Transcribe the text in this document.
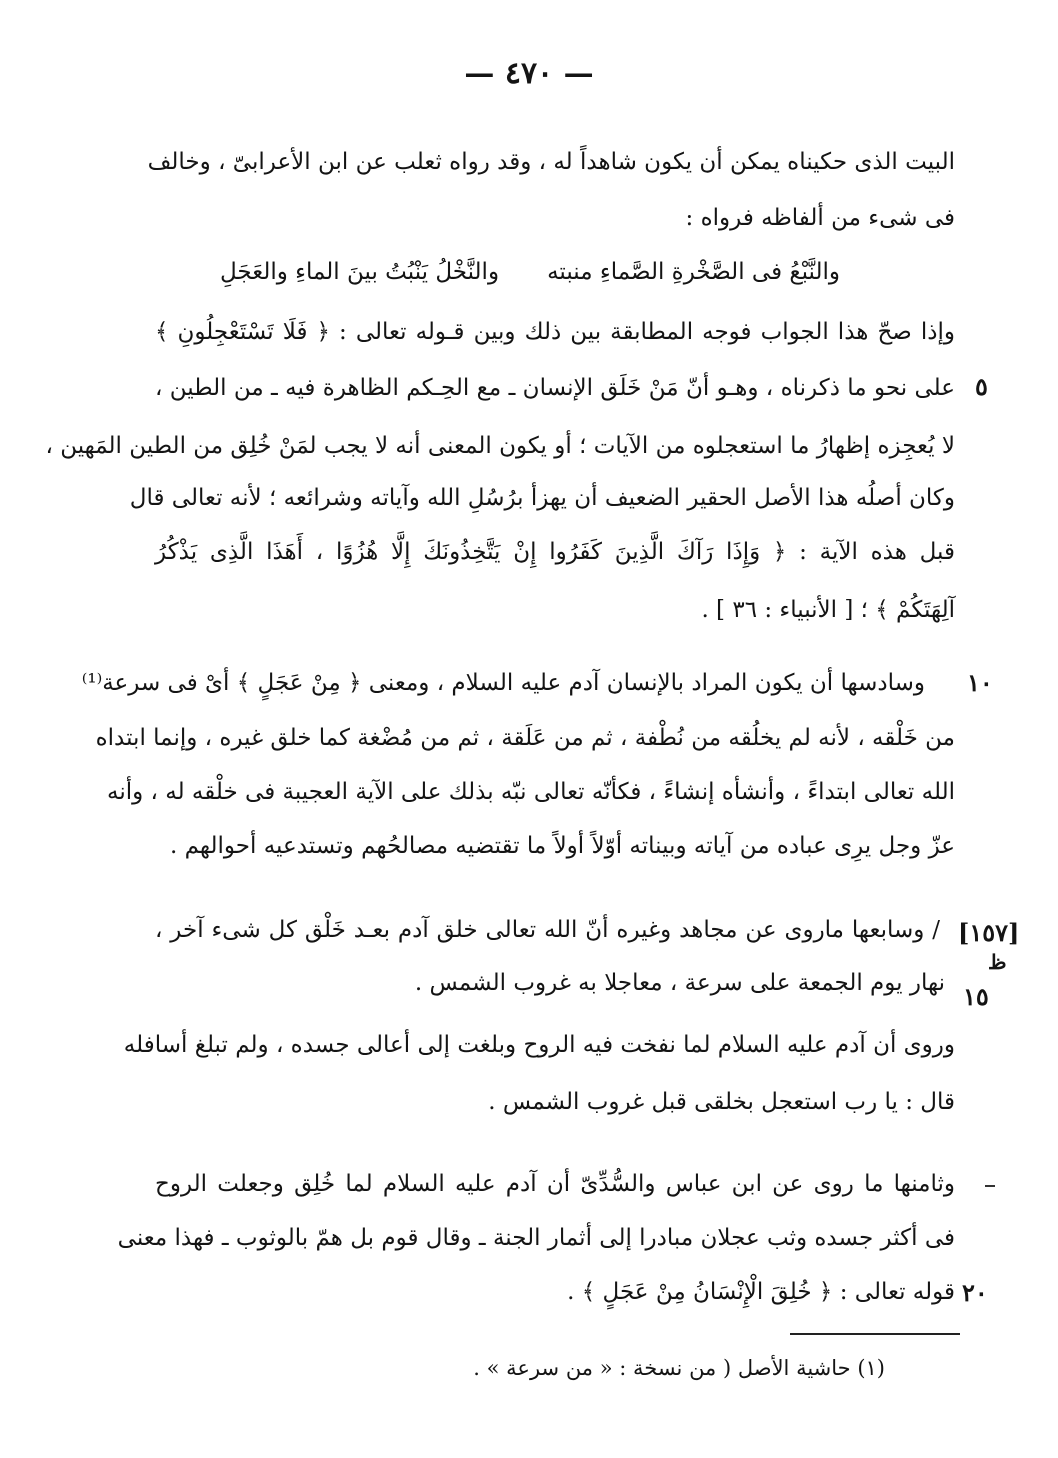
— ٤٧٠ —
البيت الذى حكيناه يمكن أن يكون شاهداً له ، وقد رواه ثعلب عن ابن الأعرابىّ ، وخالف
فى شىء من ألفاظه فرواه :
والنَّبْعُ فى الصَّخْرةِ الصَّماءِ منبته
والنَّخْلُ يَنْبُتُ بينَ الماءِ والعَجَلِ
وإذا صحّ هذا الجواب فوجه المطابقة بين ذلك وبين قـوله تعالى : ﴿ فَلَا تَسْتَعْجِلُونِ ﴾
على نحو ما ذكرناه ، وهـو أنّ مَنْ خَلَق الإنسان ـ مع الحِـكم الظاهرة فيه ـ من الطين ،
لا يُعجِزه إظهارُ ما استعجلوه من الآيات ؛ أو يكون المعنى أنه لا يجب لمَنْ خُلِق من الطين المَهين ،
وكان أصلُه هذا الأصل الحقير الضعيف أن يهزأ برُسُلِ الله وآياته وشرائعه ؛ لأنه تعالى قال
قبل هذه الآية : ﴿ وَإِذَا رَآكَ الَّذِينَ كَفَرُوا إِنْ يَتَّخِذُونَكَ إِلَّا هُزُوًا ، أَهَذَا الَّذِى يَذْكُرُ
آلِهَتَكُمْ ﴾ ؛ [ الأنبياء : ٣٦ ] .
وسادسها أن يكون المراد بالإنسان آدم عليه السلام ، ومعنى ﴿ مِنْ عَجَلٍ ﴾ أىْ فى سرعة⁽¹⁾
من خَلْقه ، لأنه لم يخلُقه من نُطْفة ، ثم من عَلَقة ، ثم من مُضْغة كما خلق غيره ، وإنما ابتداه
الله تعالى ابتداءً ، وأنشأه إنشاءً ، فكأنّه تعالى نبّه بذلك على الآية العجيبة فى خلْقه له ، وأنه
عزّ وجل يرِى عباده من آياته وبيناته أوّلاً أولاً ما تقتضيه مصالحُهم وتستدعيه أحوالهم .
/ وسابعها ماروى عن مجاهد وغيره أنّ الله تعالى خلق آدم بعـد خَلْق كل شىء آخر ،
نهار يوم الجمعة على سرعة ، معاجلا به غروب الشمس .
وروى أن آدم عليه السلام لما نفخت فيه الروح وبلغت إلى أعالى جسده ، ولم تبلغ أسافله
قال : يا رب استعجل بخلقى قبل غروب الشمس .
وثامنها ما روى عن ابن عباس والسُّدِّىّ أن آدم عليه السلام لما خُلِق وجعلت الروح
فى أكثر جسده وثب عجلان مبادرا إلى أثمار الجنة ـ وقال قوم بل همّ بالوثوب ـ فهذا معنى
قوله تعالى : ﴿ خُلِقَ الْإِنْسَانُ مِنْ عَجَلٍ ﴾ .
٥
١٠
١٥
٢٠
[١٥٧]
ظ
(١) حاشية الأصل ( من نسخة : « من سرعة » .
